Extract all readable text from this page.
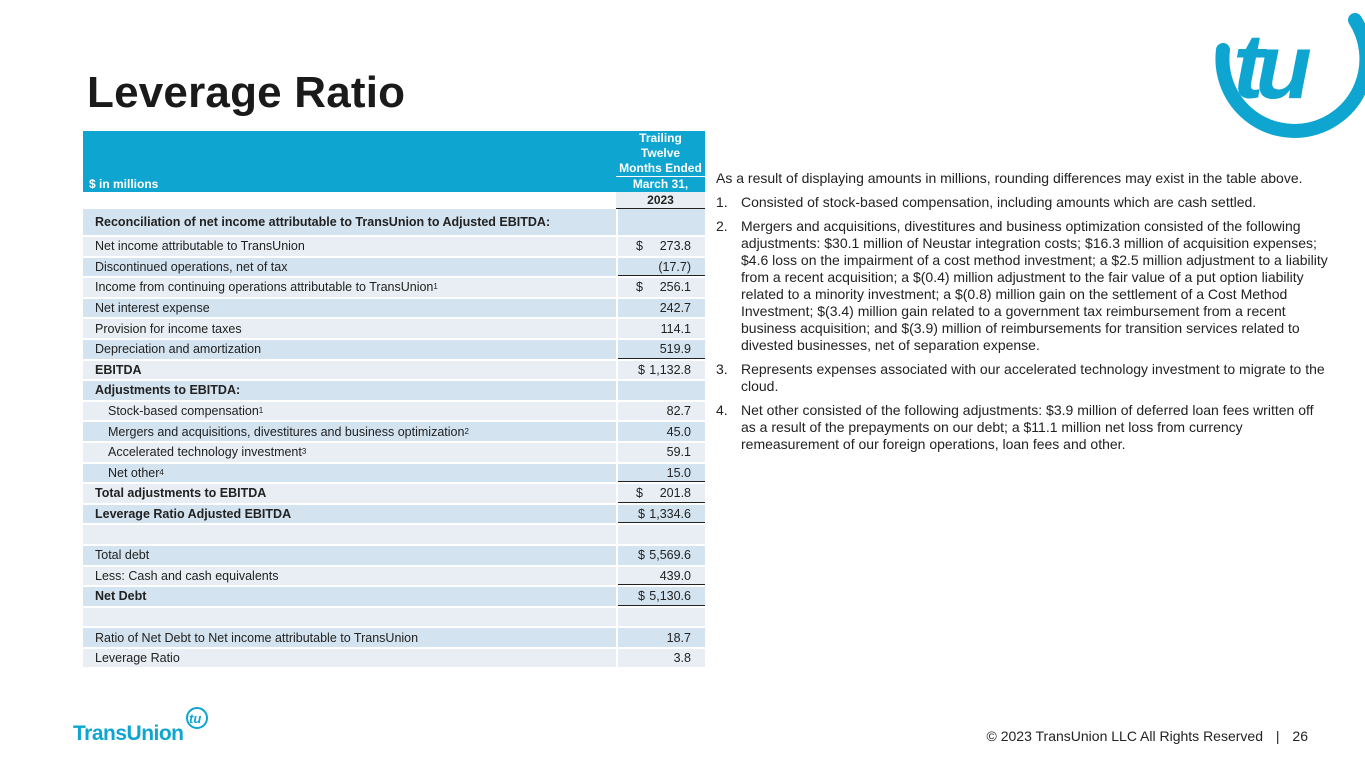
Leverage Ratio	tu
$ in millions
Trailing
Twelve
Months Ended
March 31,
2023
Reconciliation of net income attributable to TransUnion to Adjusted EBITDA:
Net income attributable to TransUnion	$ 273.8
Discontinued operations, net of tax	(17.7)
Income from continuing operations attributable to TransUnion 1	$ 256.1
Net interest expense	242.7
Provision for income taxes	114.1
Depreciation and amortization	519.9
EBITDA	$ 1,132.8
Adjustments to EBITDA:
Stock-based compensation 1	82.7
Mergers and acquisitions, divestitures and business optimization 2	45.0
Accelerated technology investment 3	59.1
Net other 4	15.0
Total adjustments to EBITDA	$ 201.8
Leverage Ratio Adjusted EBITDA	$ 1,334.6
Total debt	$ 5,569.6
Less: Cash and cash equivalents	439.0
Net Debt	$ 5,130.6
Ratio of Net Debt to Net income attributable to TransUnion	18.7
Leverage Ratio	3.8

As a result of displaying amounts in millions, rounding differences may exist in the table above.

1. Consisted of stock-based compensation, including amounts which are cash settled.
2. Mergers and acquisitions, divestitures and business optimization consisted of the following adjustments: $30.1 million of Neustar integration costs; $16.3 million of acquisition expenses; $4.6 loss on the impairment of a cost method investment; a $2.5 million adjustment to a liability from a recent acquisition; a $(0.4) million adjustment to the fair value of a put option liability related to a minority investment; a $(0.8) million gain on the settlement of a Cost Method Investment; $(3.4) million gain related to a government tax reimbursement from a recent business acquisition; and $(3.9) million of reimbursements for transition services related to divested businesses, net of separation expense.
3. Represents expenses associated with our accelerated technology investment to migrate to the cloud.
4. Net other consisted of the following adjustments: $3.9 million of deferred loan fees written off as a result of the prepayments on our debt; a $11.1 million net loss from currency remeasurement of our foreign operations, loan fees and other.
TransUnion
tu
© 2023 TransUnion LLC All Rights Reserved | 26
